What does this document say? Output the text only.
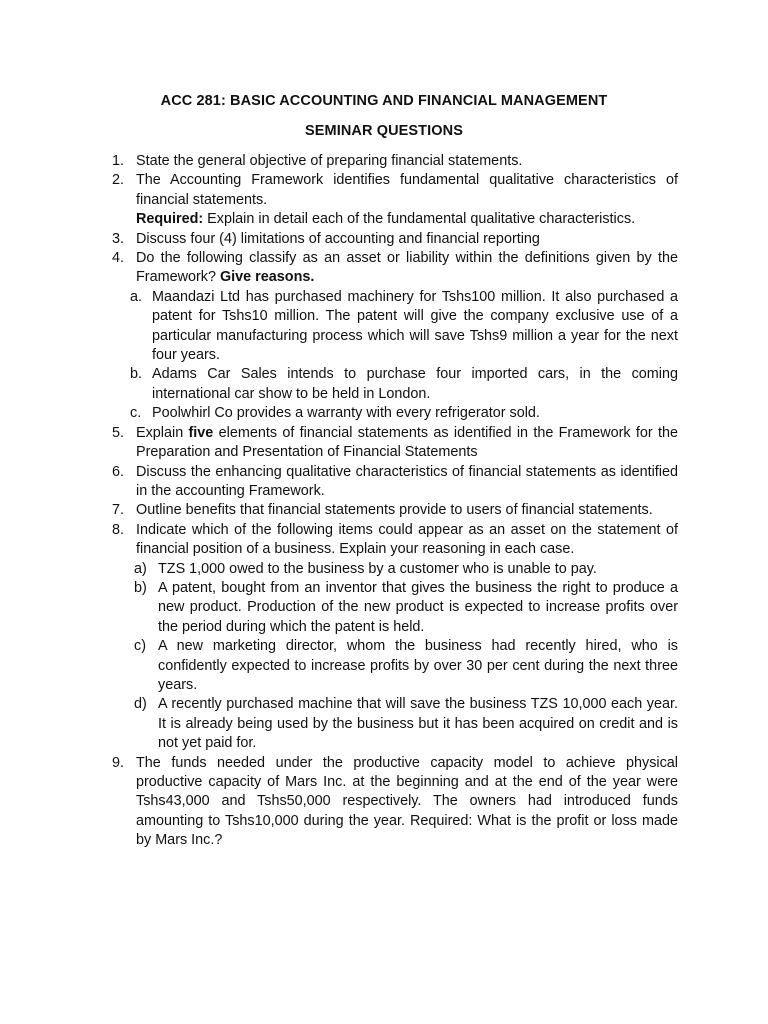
ACC 281: BASIC ACCOUNTING AND FINANCIAL MANAGEMENT
SEMINAR QUESTIONS
1. State the general objective of preparing financial statements.

2. The Accounting Framework identifies fundamental qualitative characteristics of financial statements.

Required: Explain in detail each of the fundamental qualitative characteristics.

3. Discuss four (4) limitations of accounting and financial reporting

4. Do the following classify as an asset or liability within the definitions given by the Framework? Give reasons.

a. Maandazi Ltd has purchased machinery for Tshs100 million. It also purchased a patent for Tshs10 million. The patent will give the company exclusive use of a particular manufacturing process which will save Tshs9 million a year for the next four years.

b. Adams Car Sales intends to purchase four imported cars, in the coming international car show to be held in London.

c. Poolwhirl Co provides a warranty with every refrigerator sold.

5. Explain five elements of financial statements as identified in the Framework for the Preparation and Presentation of Financial Statements

6. Discuss the enhancing qualitative characteristics of financial statements as identified in the accounting Framework.

7. Outline benefits that financial statements provide to users of financial statements.

8. Indicate which of the following items could appear as an asset on the statement of financial position of a business. Explain your reasoning in each case.

a) TZS 1,000 owed to the business by a customer who is unable to pay.

b) A patent, bought from an inventor that gives the business the right to produce a new product. Production of the new product is expected to increase profits over the period during which the patent is held.

c) A new marketing director, whom the business had recently hired, who is confidently expected to increase profits by over 30 per cent during the next three years.

d) A recently purchased machine that will save the business TZS 10,000 each year. It is already being used by the business but it has been acquired on credit and is not yet paid for.

9. The funds needed under the productive capacity model to achieve physical productive capacity of Mars Inc. at the beginning and at the end of the year were Tshs43,000 and Tshs50,000 respectively. The owners had introduced funds amounting to Tshs10,000 during the year. Required: What is the profit or loss made by Mars Inc.?
